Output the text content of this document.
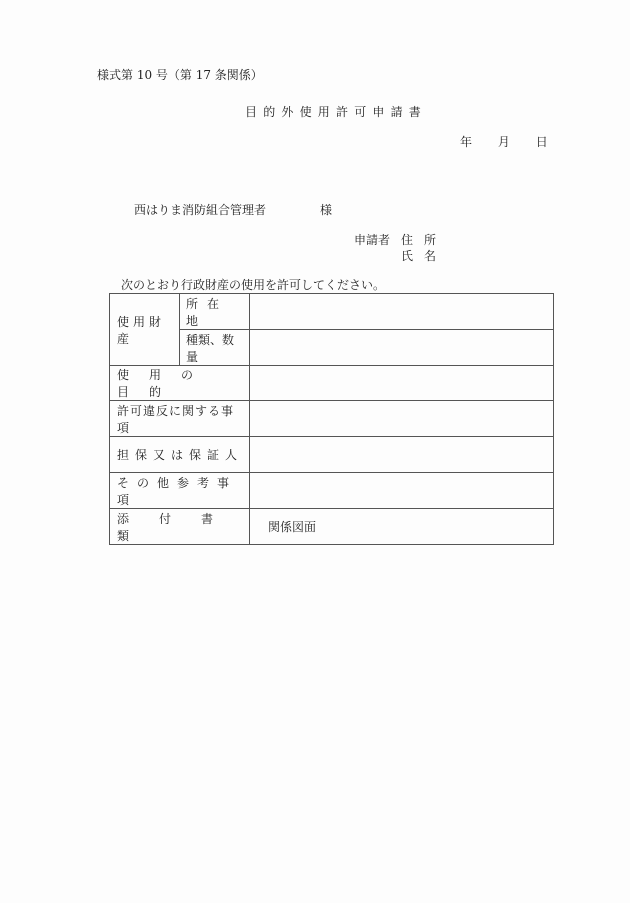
様式第 10 号（第 17 条関係）
目的外使用許可申請書
年 月 日
西はりま消防組合管理者	様
申請者 住所
氏名
次のとおり行政財産の使用を許可してください。
使用財産	所在地	

	種類、数量	

使用の目的		

許可違反に関する事項		

担保又は保証人		

その他参考事項		

添付書類		関係図面
